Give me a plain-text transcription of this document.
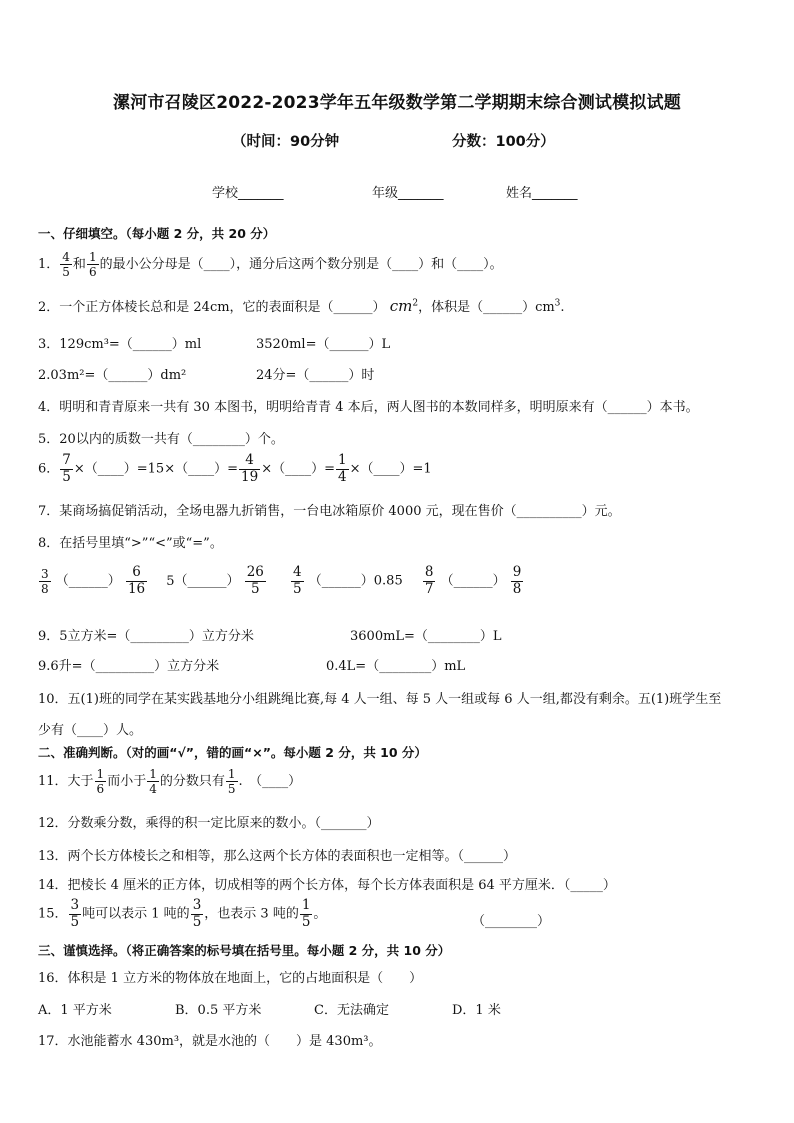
漯河市召陵区2022-2023学年五年级数学第二学期期末综合测试模拟试题
（时间：90分钟	分数：100分）
学校_______	年级_______	姓名_______
一、仔细填空。（每小题 2 分，共 20 分）
1． $\frac{4}{5}$ 和 $\frac{1}{6}$ 的最小公分母是（____），通分后这两个数分别是（____）和（____）。
2．一个正方体棱长总和是 24cm，它的表面积是（______） $cm^2$，体积是$(\_\_\_\_\_\_)cm^3$.
3．129cm³=（______）ml	3520ml=（______）L
2.03m²=（______）dm²	24分=（______）时
4．明明和青青原来一共有 30 本图书，明明给青青 4 本后，两人图书的本数同样多，明明原来有（______）本书。
5．20以内的质数一共有（________）个。
6． $\frac{7}{5}$ ×（____）=15×（____）= $\frac{4}{19}$ ×（____）= $\frac{1}{4}$ ×（____）=1
7．某商场搞促销活动，全场电器九折销售，一台电冰箱原价 4000 元，现在售价（__________）元。
8．在括号里填“>”“<”或“=”。
$\frac{3}{8}$ （______） $\frac{6}{16}$ 5（______） $\frac{26}{5}$
$\frac{4}{5}$ （______）0.85 $\frac{8}{7}$ （______） $\frac{9}{8}$
9．5立方米=（_________）立方分米	3600mL=（________）L
9.6升=（_________）立方分米	0.4L=（________）mL
10．五(1)班的同学在某实践基地分小组跳绳比赛,每 4 人一组、每 5 人一组或每 6 人一组,都没有剩余。五(1)班学生至
少有（____）人。
二、准确判断。（对的画“√”，错的画“×”。每小题 2 分，共 10 分）
11．大于 $\frac{1}{6}$ 而小于 $\frac{1}{4}$ 的分数只有 $\frac{1}{5}$ .　（____）
12．分数乘分数，乘得的积一定比原来的数小。（_______）
13．两个长方体棱长之和相等，那么这两个长方体的表面积也一定相等。（______）
14．把棱长 4 厘米的正方体，切成相等的两个长方体，每个长方体表面积是 64 平方厘米．（_____）
15． $\frac{3}{5}$ 吨可以表示 1 吨的 $\frac{3}{5}$ ，也表示 3 吨的 $\frac{1}{5}$ 。	（________）
三、谨慎选择。（将正确答案的标号填在括号里。每小题 2 分，共 10 分）
16．体积是 1 立方米的物体放在地面上，它的占地面积是（　　）
A．1 平方米	B．0.5 平方米	C．无法确定	D．1 米
17．水池能蓄水 430m³，就是水池的（　　）是 430m³。
